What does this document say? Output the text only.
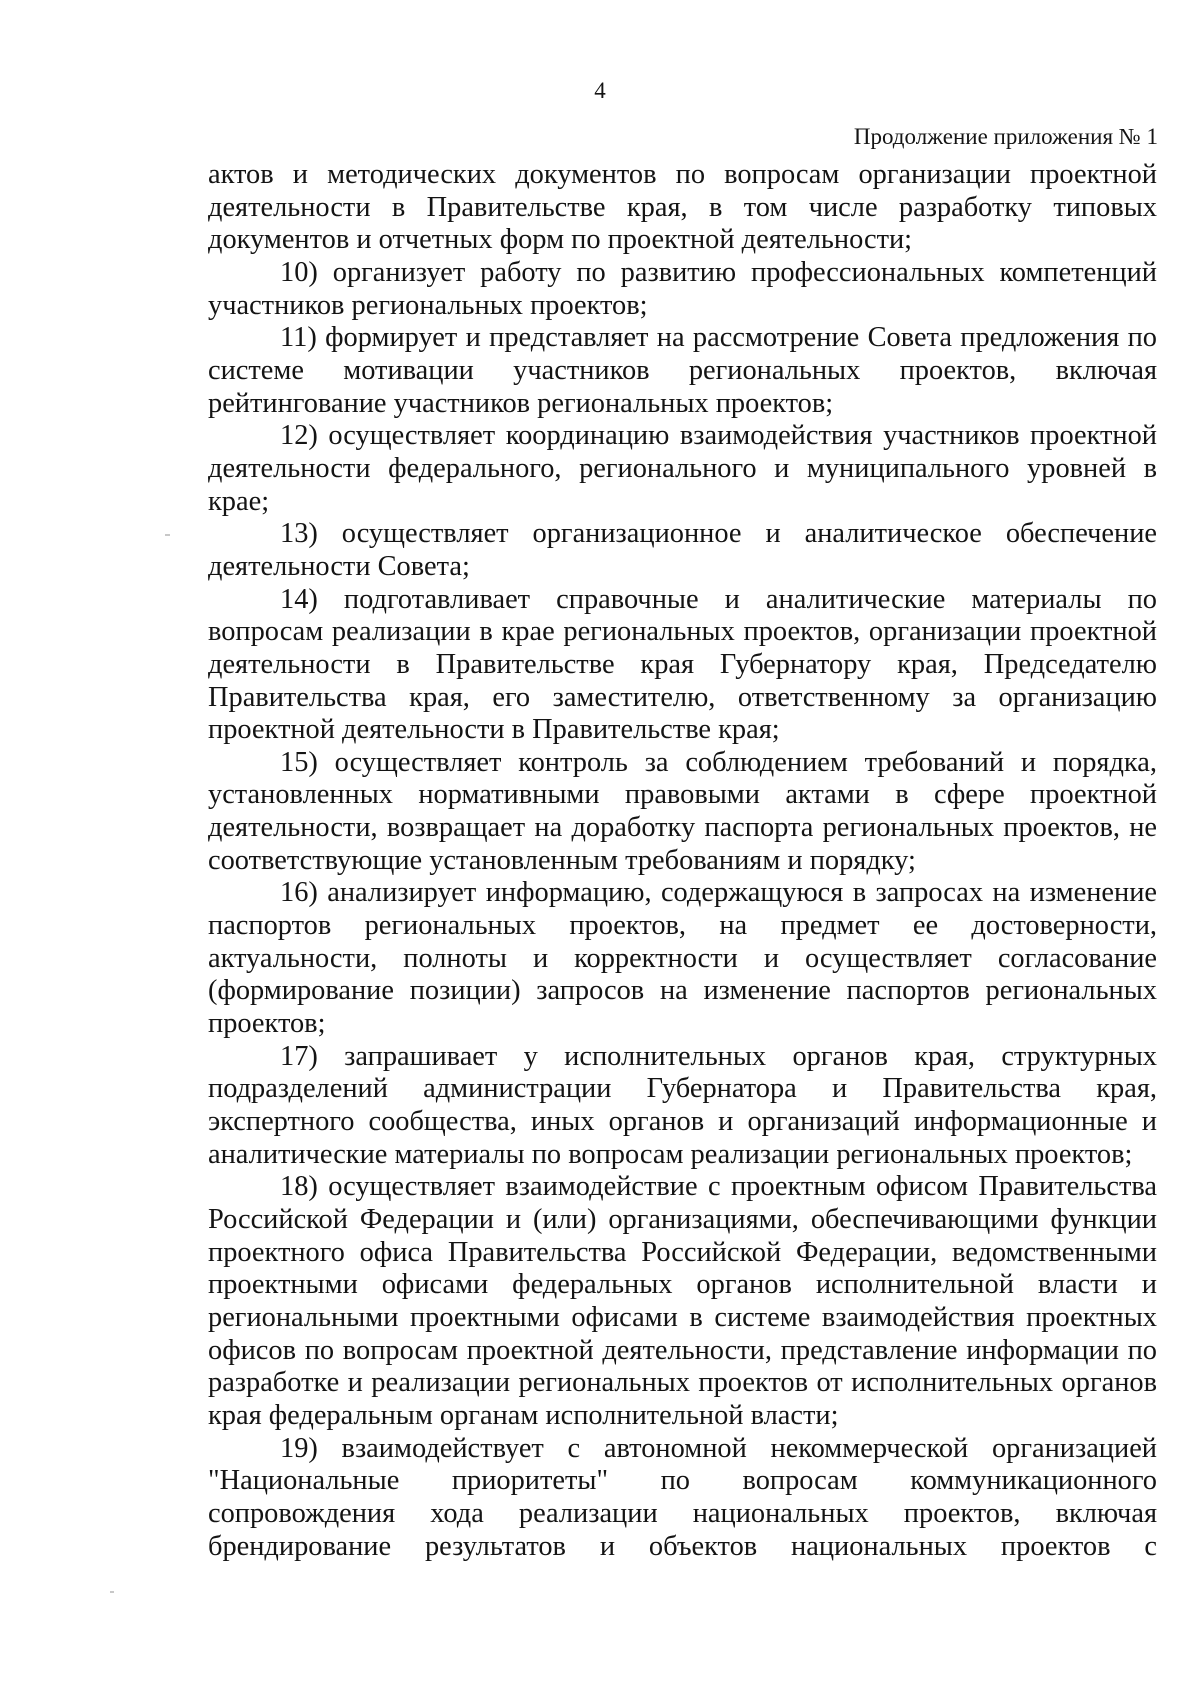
4
Продолжение приложения № 1

актов и методических документов по вопросам организации проектной деятельности в Правительстве края, в том числе разработку типовых документов и отчетных форм по проектной деятельности;

10) организует работу по развитию профессиональных компетенций участников региональных проектов;

11) формирует и представляет на рассмотрение Совета предложения по системе мотивации участников региональных проектов, включая рейтингование участников региональных проектов;

12) осуществляет координацию взаимодействия участников проектной деятельности федерального, регионального и муниципального уровней в крае;

13) осуществляет организационное и аналитическое обеспечение деятельности Совета;

14) подготавливает справочные и аналитические материалы по вопросам реализации в крае региональных проектов, организации проектной деятельности в Правительстве края Губернатору края, Председателю Правительства края, его заместителю, ответственному за организацию проектной деятельности в Правительстве края;

15) осуществляет контроль за соблюдением требований и порядка, установленных нормативными правовыми актами в сфере проектной деятельности, возвращает на доработку паспорта региональных проектов, не соответствующие установленным требованиям и порядку;

16) анализирует информацию, содержащуюся в запросах на изменение паспортов региональных проектов, на предмет ее достоверности, актуальности, полноты и корректности и осуществляет согласование (формирование позиции) запросов на изменение паспортов региональных проектов;

17) запрашивает у исполнительных органов края, структурных подразделений администрации Губернатора и Правительства края, экспертного сообщества, иных органов и организаций информационные и аналитические материалы по вопросам реализации региональных проектов;

18) осуществляет взаимодействие с проектным офисом Правительства Российской Федерации и (или) организациями, обеспечивающими функции проектного офиса Правительства Российской Федерации, ведомственными проектными офисами федеральных органов исполнительной власти и региональными проектными офисами в системе взаимодействия проектных офисов по вопросам проектной деятельности, представление информации по разработке и реализации региональных проектов от исполнительных органов края федеральным органам исполнительной власти;

19) взаимодействует с автономной некоммерческой организацией "Национальные приоритеты" по вопросам коммуникационного сопровождения хода реализации национальных проектов, включая брендирование результатов и объектов национальных проектов с
